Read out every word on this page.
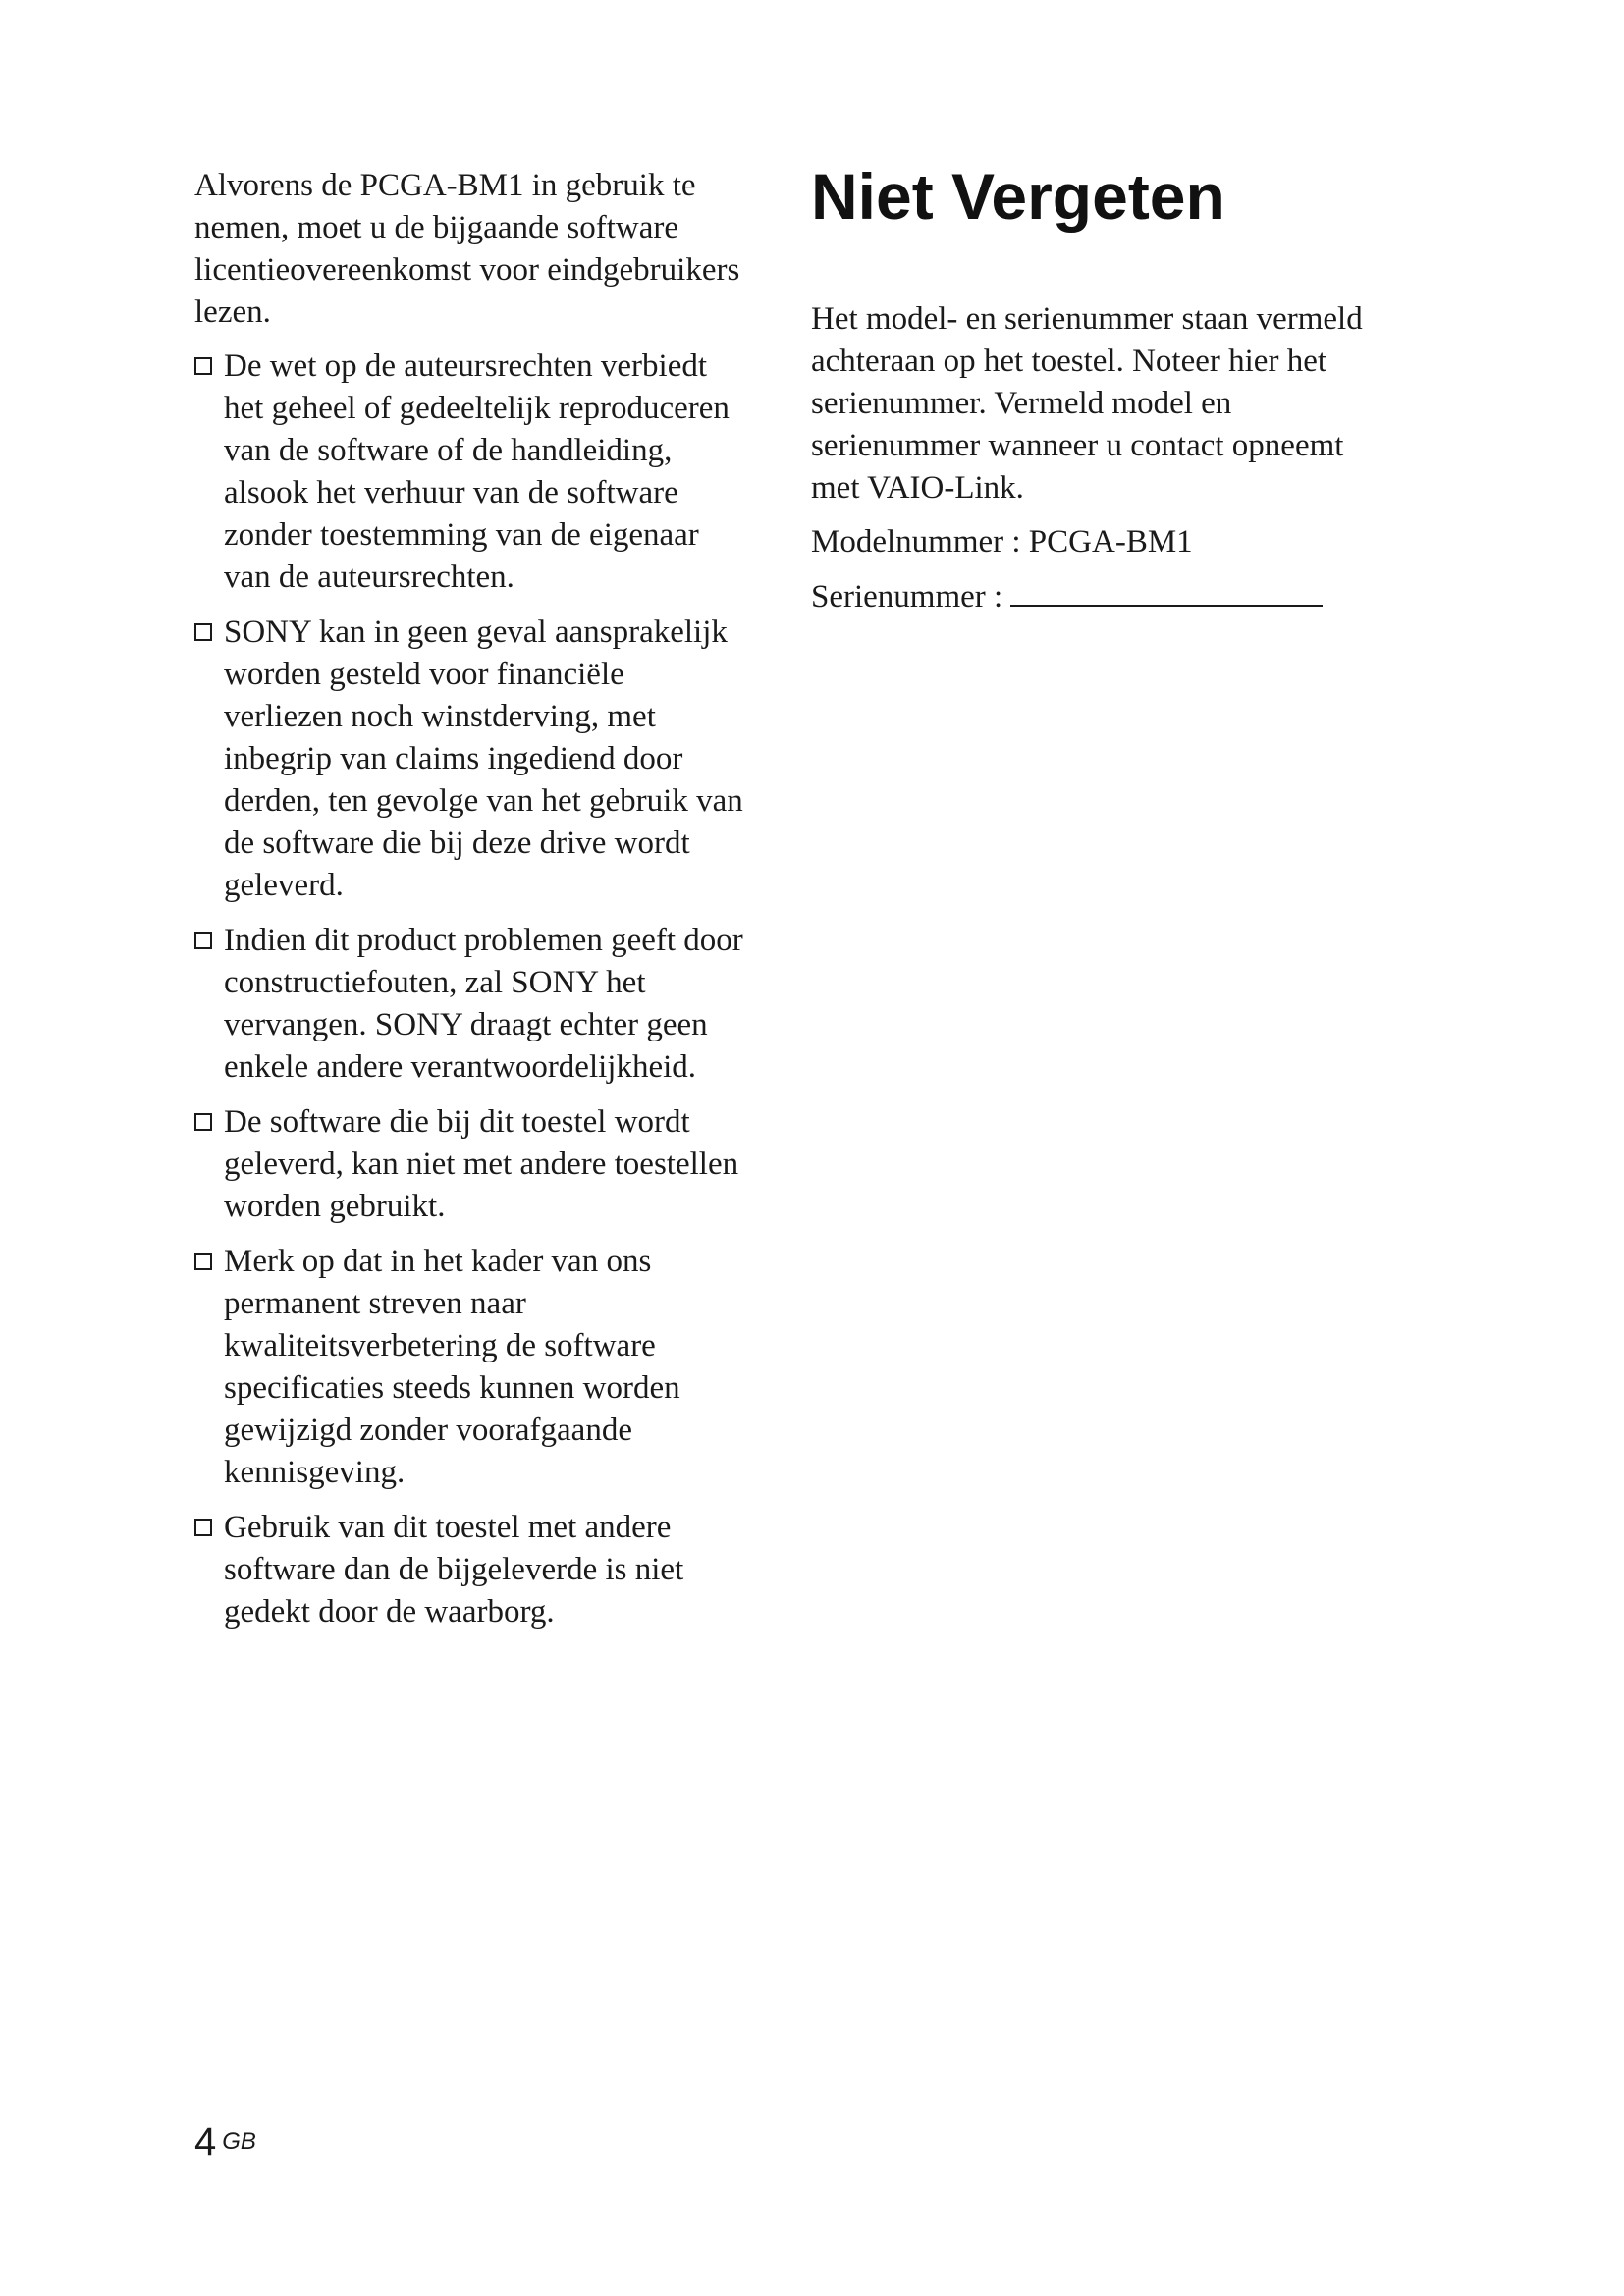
Alvorens de PCGA-BM1 in gebruik te nemen, moet u de bijgaande software licentieovereenkomst voor eindgebruikers lezen.

De wet op de auteursrechten verbiedt het geheel of gedeeltelijk reproduceren van de software of de handleiding, alsook het verhuur van de software zonder toestemming van de eigenaar van de auteursrechten.
SONY kan in geen geval aansprakelijk worden gesteld voor financiële verliezen noch winstderving, met inbegrip van claims ingediend door derden, ten gevolge van het gebruik van de software die bij deze drive wordt geleverd.
Indien dit product problemen geeft door constructiefouten, zal SONY het vervangen. SONY draagt echter geen enkele andere verantwoordelijkheid.
De software die bij dit toestel wordt geleverd, kan niet met andere toestellen worden gebruikt.
Merk op dat in het kader van ons permanent streven naar kwaliteitsverbetering de software specificaties steeds kunnen worden gewijzigd zonder voorafgaande kennisgeving.
Gebruik van dit toestel met andere software dan de bijgeleverde is niet gedekt door de waarborg.
Niet Vergeten

Het model- en serienummer staan vermeld achteraan op het toestel. Noteer hier het serienummer. Vermeld model en serienummer wanneer u contact opneemt met VAIO-Link.

Modelnummer : PCGA-BM1

Serienummer :

4 GB
